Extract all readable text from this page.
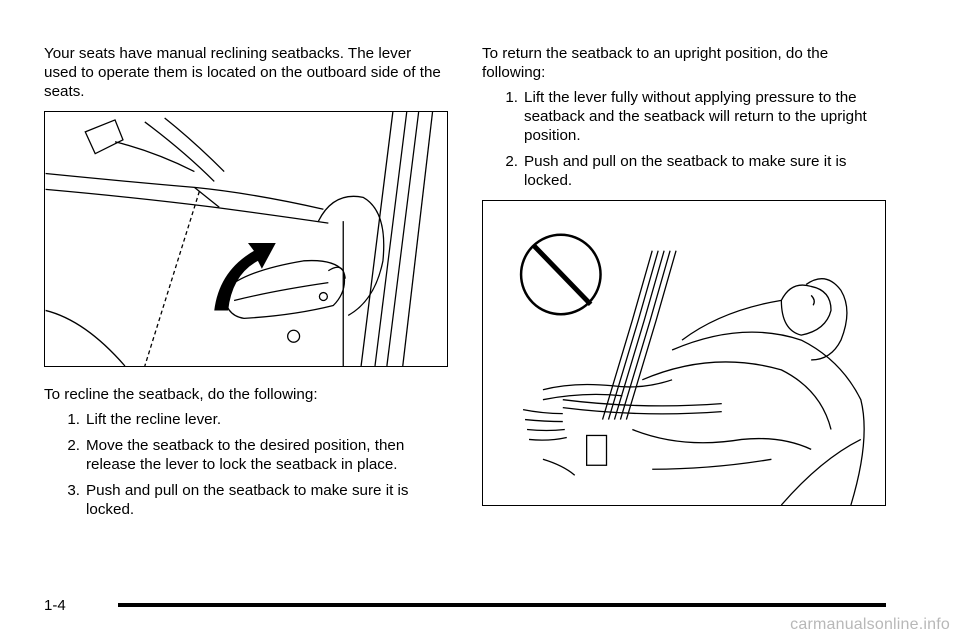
Your seats have manual reclining seatbacks. The lever used to operate them is located on the outboard side of the seats.

To recline the seatback, do the following:

1. Lift the recline lever.
2. Move the seatback to the desired position, then release the lever to lock the seatback in place.
3. Push and pull on the seatback to make sure it is locked.

To return the seatback to an upright position, do the following:

1. Lift the lever fully without applying pressure to the seatback and the seatback will return to the upright position.
2. Push and pull on the seatback to make sure it is locked.
1-4
carmanualsonline.info
